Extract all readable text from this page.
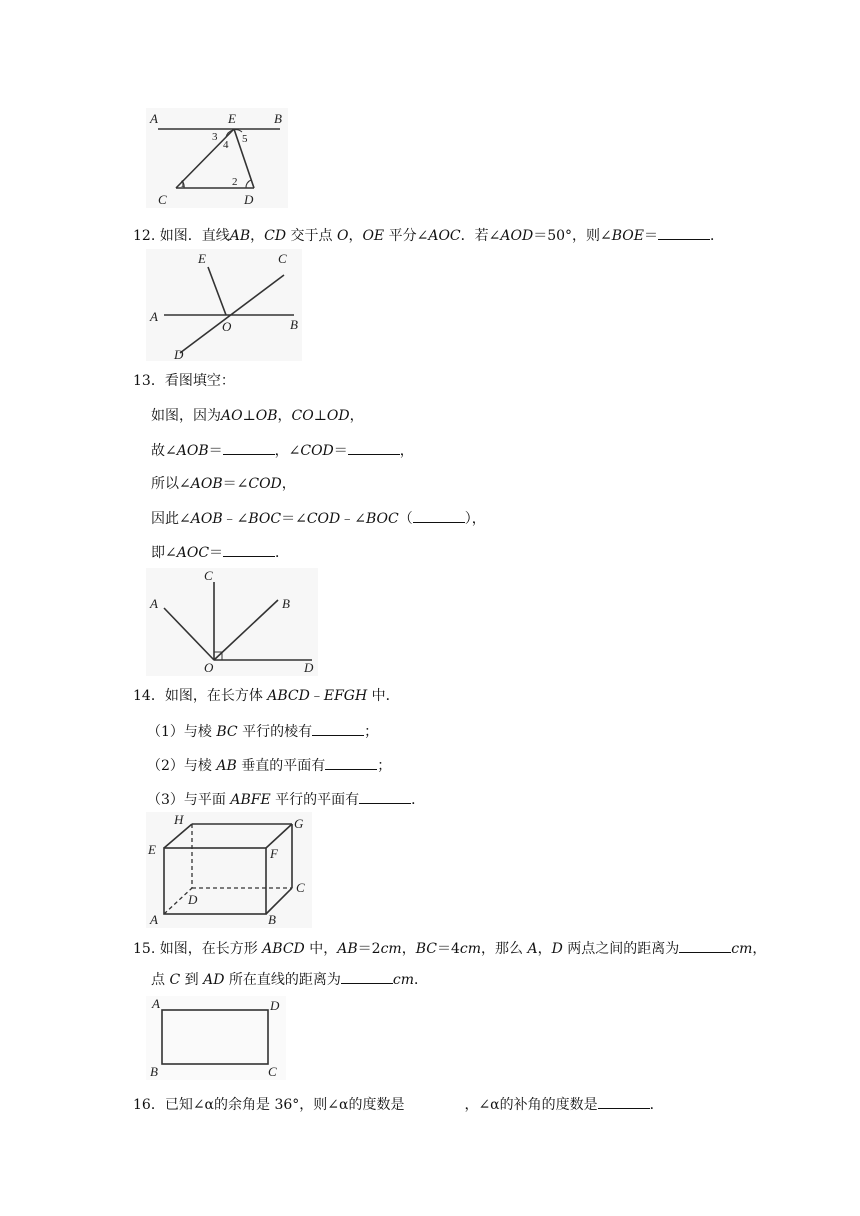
A	B
E
C	D
1	2
3
4 5
12. 如图．直线AB，CD 交于点 O，OE 平分∠AOC．若∠AOD＝50°，则∠BOE＝	．
A
B
C
D
E
O
13．看图填空：
如图，因为AO⊥OB，CO⊥OD，
故∠AOB＝	，∠COD＝	，
所以∠AOB＝∠COD，
因此∠AOB﹣∠BOC＝∠COD﹣∠BOC（	），
即∠AOC＝	．
A	B
C
D
O
14．如图，在长方体 ABCD﹣EFGH 中．
（1）与棱 BC 平行的棱有	；
（2）与棱 AB 垂直的平面有	；
（3）与平面 ABFE 平行的平面有	．
E
H	G
F
C
D
A	B
15. 如图，在长方形 ABCD 中，AB＝2cm，BC＝4cm，那么 A，D 两点之间的距离为	cm，
点 C 到 AD 所在直线的距离为	cm．
A	D
B	C
16．已知∠α的余角是 36°，则∠α的度数是	，∠α的补角的度数是	．
